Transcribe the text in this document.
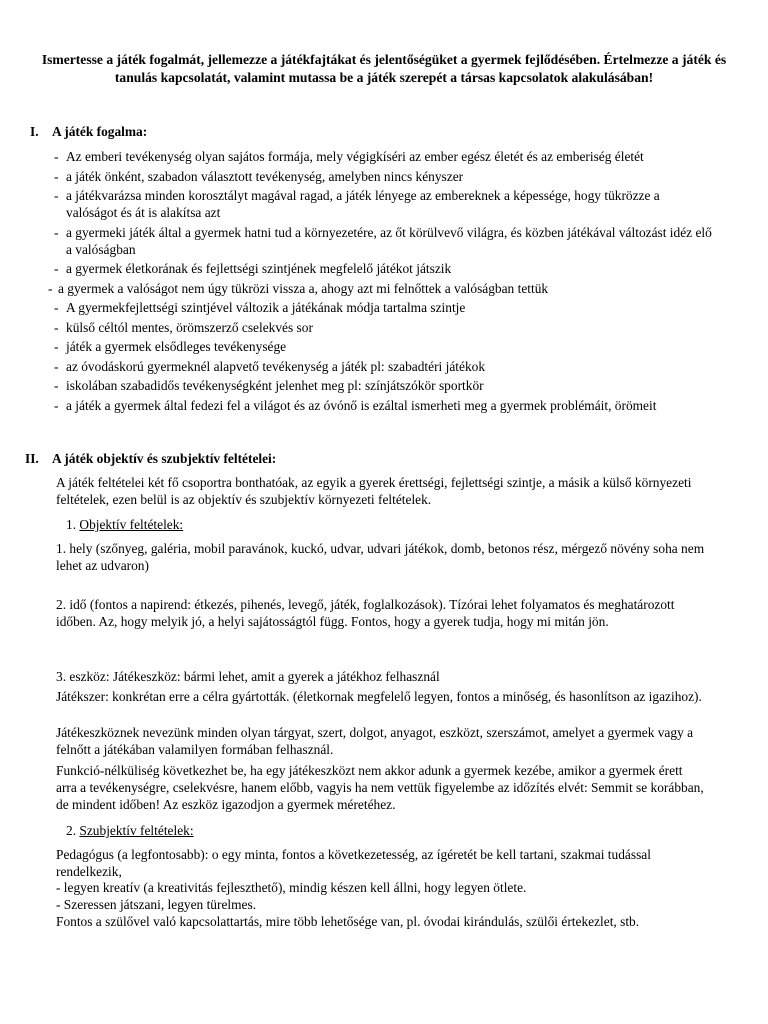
Ismertesse a játék fogalmát, jellemezze a játékfajtákat és jelentőségüket a gyermek fejlődésében. Értelmezze a játék és tanulás kapcsolatát, valamint mutassa be a játék szerepét a társas kapcsolatok alakulásában!
I. A játék fogalma:
- Az emberi tevékenység olyan sajátos formája, mely végigkíséri az ember egész életét és az emberiség életét
- a játék önként, szabadon választott tevékenység, amelyben nincs kényszer
- a játékvarázsa minden korosztályt magával ragad, a játék lényege az embereknek a képessége, hogy tükrözze a valóságot és át is alakítsa azt
- a gyermeki játék által a gyermek hatni tud a környezetére, az őt körülvevő világra, és közben játékával változást idéz elő a valóságban
- a gyermek életkorának és fejlettségi szintjének megfelelő játékot játszik
- a gyermek a valóságot nem úgy tükrözi vissza a, ahogy azt mi felnőttek a valóságban tettük
- A gyermekfejlettségi szintjével változik a játékának módja tartalma szintje
- külső céltól mentes, örömszerző cselekvés sor
- játék a gyermek elsődleges tevékenysége
- az óvodáskorú gyermeknél alapvető tevékenység a játék pl: szabadtéri játékok
- iskolában szabadidős tevékenységként jelenhet meg pl: színjátszókör sportkör
- a játék a gyermek által fedezi fel a világot és az óvónő is ezáltal ismerheti meg a gyermek problémáit, örömeit
II. A játék objektív és szubjektív feltételei:

A játék feltételei két fő csoportra bonthatóak, az egyik a gyerek érettségi, fejlettségi szintje, a másik a külső környezeti feltételek, ezen belül is az objektív és szubjektív környezeti feltételek.

1. Objektív feltételek:

1. hely (szőnyeg, galéria, mobil paravánok, kuckó, udvar, udvari játékok, domb, betonos rész, mérgező növény soha nem lehet az udvaron)

2. idő (fontos a napirend: étkezés, pihenés, levegő, játék, foglalkozások). Tízórai lehet folyamatos és meghatározott időben. Az, hogy melyik jó, a helyi sajátosságtól függ. Fontos, hogy a gyerek tudja, hogy mi mitán jön.

3. eszköz: Játékeszköz: bármi lehet, amit a gyerek a játékhoz felhasznál

Játékszer: konkrétan erre a célra gyártották. (életkornak megfelelő legyen, fontos a minőség, és hasonlítson az igazihoz).

Játékeszköznek nevezünk minden olyan tárgyat, szert, dolgot, anyagot, eszközt, szerszámot, amelyet a gyermek vagy a felnőtt a játékában valamilyen formában felhasznál.

Funkció-nélküliség következhet be, ha egy játékeszközt nem akkor adunk a gyermek kezébe, amikor a gyermek érett arra a tevékenységre, cselekvésre, hanem előbb, vagyis ha nem vettük figyelembe az időzítés elvét: Semmit se korábban, de mindent időben! Az eszköz igazodjon a gyermek méretéhez.

2. Szubjektív feltételek:

Pedagógus (a legfontosabb): o egy minta, fontos a következetesség, az ígéretét be kell tartani, szakmai tudással rendelkezik,

- legyen kreatív (a kreativitás fejleszthető), mindig készen kell állni, hogy legyen ötlete.

- Szeressen játszani, legyen türelmes.

Fontos a szülővel való kapcsolattartás, mire több lehetősége van, pl. óvodai kirándulás, szülői értekezlet, stb.
